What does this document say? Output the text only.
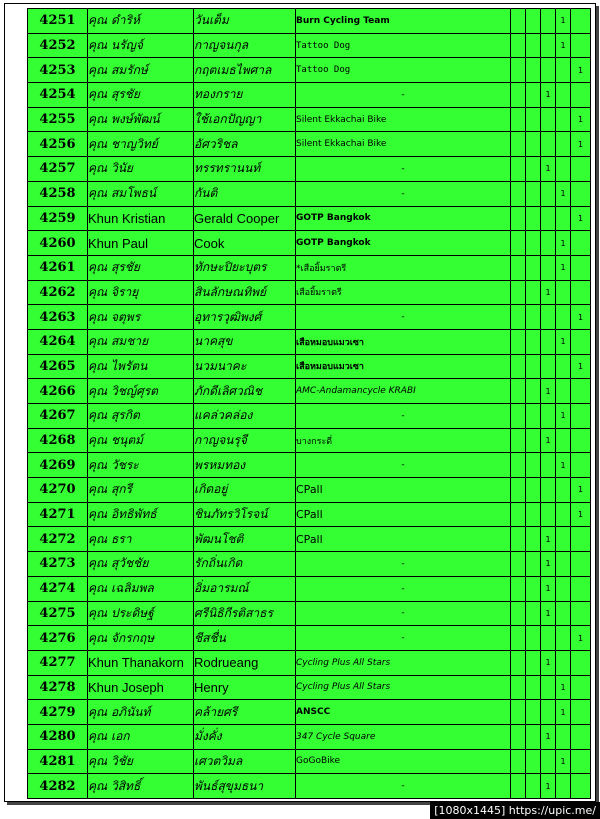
4251	คุณ ดำริห์	วันเต็ม	Burn Cycling Team				1	
4252	คุณ นรัญจ์	กาญจนกุล	Tattoo Dog				1	
4253	คุณ สมรักษ์	กฤตเมธไพศาล	Tattoo Dog					1
4254	คุณ สุรชัย	ทองกราย	-			1		
4255	คุณ พงษ์พัฒน์	ใช้เอกปัญญา	Silent Ekkachai Bike					1
4256	คุณ ชาญวิทย์	อัศวริชล	Silent Ekkachai Bike					1
4257	คุณ วินัย	ทรรทรานนท์	-			1		
4258	คุณ สมโพธน์	กันติ	-				1	
4259	Khun Kristian	Gerald Cooper	GOTP Bangkok					1
4260	Khun Paul	Cook	GOTP Bangkok				1	
4261	คุณ สุรชัย	ทักษะปิยะบุตร	*เสือยิ้มราตรี				1	
4262	คุณ จิรายุ	สินลักษณทิพย์	เสือยิ้มราตรี			1		
4263	คุณ จตุพร	อุทารวุฒิพงศ์	-					1
4264	คุณ สมชาย	นาคสุข	เสือหมอบแมวเซา				1	
4265	คุณ ไพรัตน	นวมนาคะ	เสือหมอบแมวเซา					1
4266	คุณ วิชญ์ศุรต	ภักดีเลิศวณิช	AMC-Andamancycle KRABI			1		
4267	คุณ สุรกิต	แคล่วคล่อง	-				1	
4268	คุณ ชนุตม์	กาญจนรุจี	บางกระดี่			1		
4269	คุณ วัชระ	พรหมทอง	-				1	
4270	คุณ สุกรี	เกิดอยู่	CPall					1
4271	คุณ อิทธิพัทธ์	ชินภัทรวิโรจน์	CPall					1
4272	คุณ ธรา	พัฒนโชติ	CPall			1		
4273	คุณ สุวัชชัย	รักถิ่นเกิด	-			1		
4274	คุณ เฉลิมพล	อิ่มอารมณ์	-			1		
4275	คุณ ประดิษฐ์	ศรีนิธิกีรติสาธร	-			1		
4276	คุณ จักรกฤษ	ชีสชื่น	-					1
4277	Khun Thanakorn	Rodrueang	Cycling Plus All Stars			1		
4278	Khun Joseph	Henry	Cycling Plus All Stars				1	
4279	คุณ อภินันท์	คล้ายศรี	ANSCC				1	
4280	คุณ เอก	มั่งคั่ง	347 Cycle Square			1		
4281	คุณ วิชัย	เศวตวิมล	GoGoBike				1	
4282	คุณ วิสิทธิ์	พันธ์สุขุมธนา	-			1		
[1080x1445] https://upic.me/
